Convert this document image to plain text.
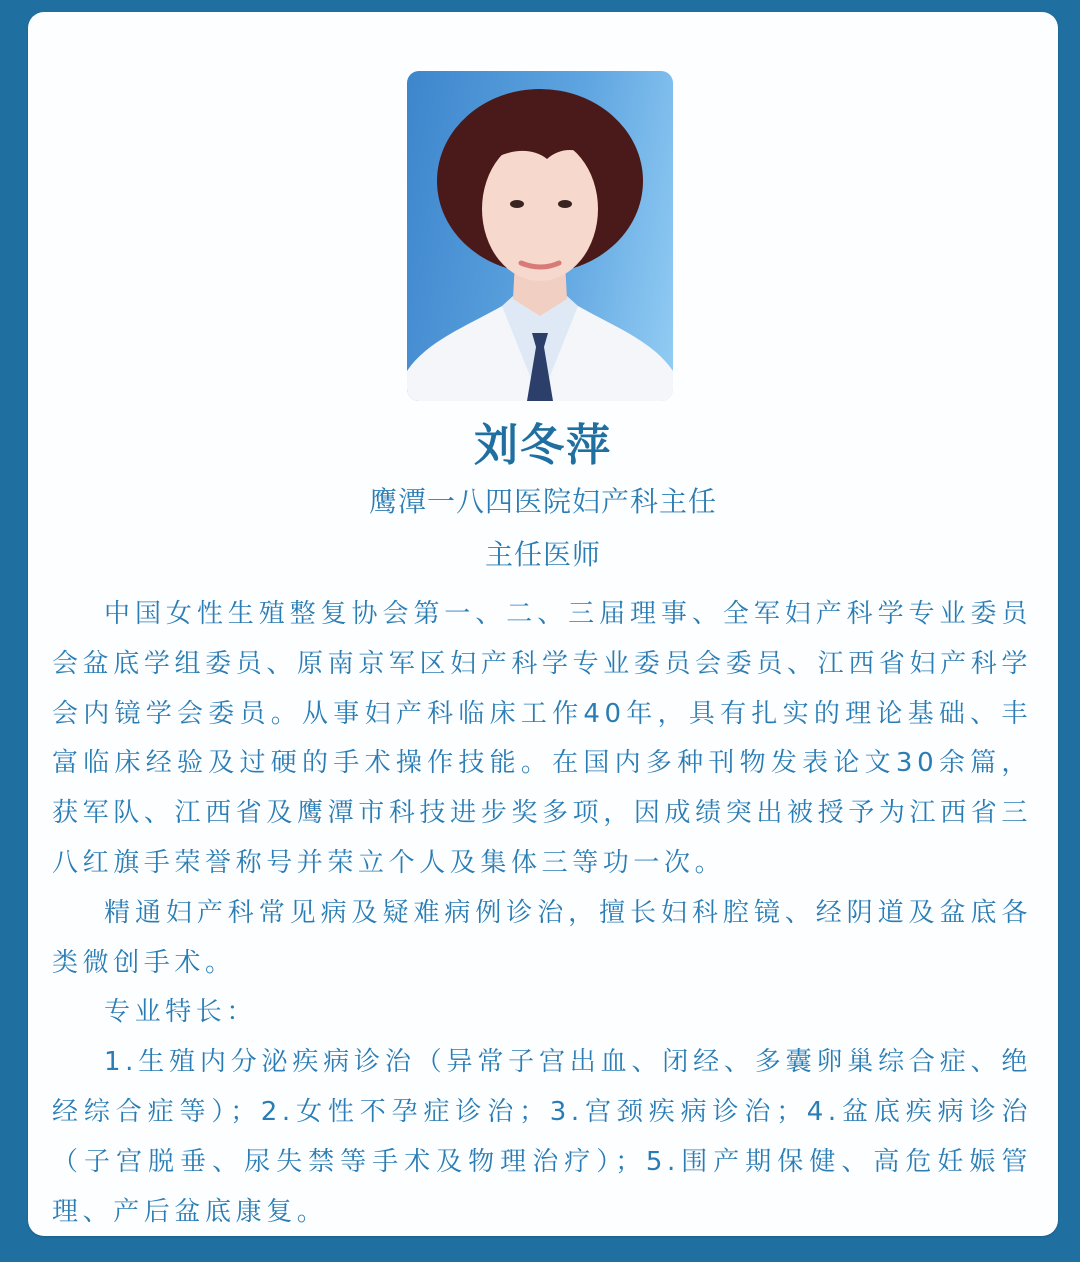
刘冬萍
鹰潭一八四医院妇产科主任
主任医师

中国女性生殖整复协会第一、二、三届理事、全军妇产科学专业委员会盆底学组委员、原南京军区妇产科学专业委员会委员、江西省妇产科学会内镜学会委员。从事妇产科临床工作40年，具有扎实的理论基础、丰富临床经验及过硬的手术操作技能。在国内多种刊物发表论文30余篇，获军队、江西省及鹰潭市科技进步奖多项，因成绩突出被授予为江西省三八红旗手荣誉称号并荣立个人及集体三等功一次。

精通妇产科常见病及疑难病例诊治，擅长妇科腔镜、经阴道及盆底各类微创手术。

专业特长：

1.生殖内分泌疾病诊治（异常子宫出血、闭经、多囊卵巢综合症、绝经综合症等）；2.女性不孕症诊治；3.宫颈疾病诊治；4.盆底疾病诊治（子宫脱垂、尿失禁等手术及物理治疗）；5.围产期保健、高危妊娠管理、产后盆底康复。
